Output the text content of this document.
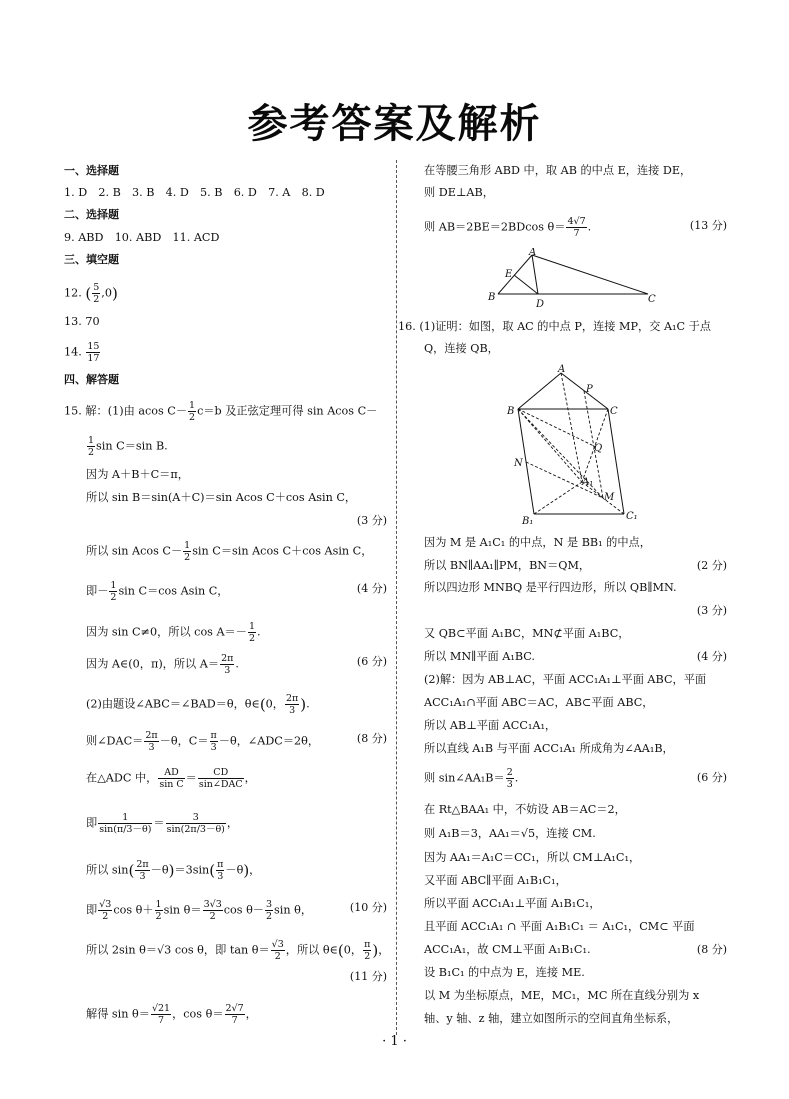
参考答案及解析
一、选择题
1. D　2. B　3. B　4. D　5. B　6. D　7. A　8. D
二、选择题
9. ABD　10. ABD　11. ACD
三、填空题
12. ( $\frac{5}{2} ,0$)
13. 70
14. $\frac{15}{17}$
四、解答题
15. 解：(1)由 acos $C- \frac{1}{2} c=b$ 及正弦定理可得 sin Acos C－
$\frac{1}{2}$ sin C＝sin B.
因为 A＋B＋C＝π，
所以 sin B＝sin(A＋C)＝sin Acos C＋cos Asin C，
(3 分)
所以 sin Acos $C- \frac{1}{2}$ sin C＝sin Acos C＋cos Asin C，
即－ $\frac{1}{2}$ sin C＝cos Asin C，	(4 分)
因为 sin C≠0，所以 $\cos A=- \frac{1}{2}$ .
因为 A∈(0，π)，所以 $A= \frac{2\pi}{3}$ .	(6 分)
(2)由题设∠ABC＝∠BAD＝θ，θ∈(0， $\frac{2\pi}{3}$ ).
则∠DAC＝ $\frac{2\pi}{3} -\theta$，$C= \frac{\pi}{3} -\theta$，∠ADC＝2θ，	(8 分)
在△ADC 中， $\frac{AD}{\text{sin C}} = \frac{CD}{\text{sin∠DAC}}$ ，
即 $\frac{1}{\sin(\pi/3-\theta)} = \frac{3}{\sin(2\pi/3-\theta)}$ ，
所以 $\sin( \frac{2\pi}{3} -\theta)=3\sin( \frac{\pi}{3} -\theta)$，
即 $\frac{√3}{2}$ $\cos \theta+ \frac{1}{2}$ $\sin \theta= \frac{3√3}{2}$ $\cos \theta- \frac{3}{2}$ sin θ，	(10 分)
所以 2sin θ＝√3 cos θ，即 $\tan \theta= \frac{√3}{2}$ ，所以 θ∈(0， $\frac{\pi}{2}$ )，
(11 分)
解得 $\sin \theta= \frac{√21}{7}$ ，$\cos \theta= \frac{2√7}{7}$ ，
在等腰三角形 ABD 中，取 AB 的中点 E，连接 DE，
则 DE⊥AB，
则 AB＝2BE＝2BDcos $\theta= \frac{4√7}{7}$ .	(13 分)
A
E
B
D	C
16. (1)证明：如图，取 AC 的中点 P，连接 MP，交 A₁C 于点
Q，连接 QB，
A
P
B	C
Q
N
A₁
M
B₁	C₁
因为 M 是 A₁C₁ 的中点，N 是 BB₁ 的中点，
所以 BN∥AA₁∥PM，BN＝QM，	(2 分)
所以四边形 MNBQ 是平行四边形，所以 QB∥MN.
(3 分)
又 QB⊂平面 A₁BC，MN⊄平面 A₁BC，
所以 MN∥平面 A₁BC.	(4 分)
(2)解：因为 AB⊥AC，平面 ACC₁A₁⊥平面 ABC，平面
ACC₁A₁∩平面 ABC＝AC，AB⊂平面 ABC，
所以 AB⊥平面 ACC₁A₁，
所以直线 A₁B 与平面 ACC₁A₁ 所成角为∠AA₁B，
则 sin∠AA₁B＝ $\frac{2}{3}$ .	(6 分)
在 Rt△BAA₁ 中，不妨设 AB＝AC＝2，
则 A₁B＝3，AA₁＝√5，连接 CM.
因为 AA₁＝A₁C＝CC₁，所以 CM⊥A₁C₁，
又平面 ABC∥平面 A₁B₁C₁，
所以平面 ACC₁A₁⊥平面 A₁B₁C₁，
且平面 ACC₁A₁ ∩ 平面 A₁B₁C₁ ＝ A₁C₁，CM⊂ 平面
ACC₁A₁，故 CM⊥平面 A₁B₁C₁.	(8 分)
设 B₁C₁ 的中点为 E，连接 ME.
以 M 为坐标原点，ME，MC₁，MC 所在直线分别为 x
轴、y 轴、z 轴，建立如图所示的空间直角坐标系，
· 1 ·
